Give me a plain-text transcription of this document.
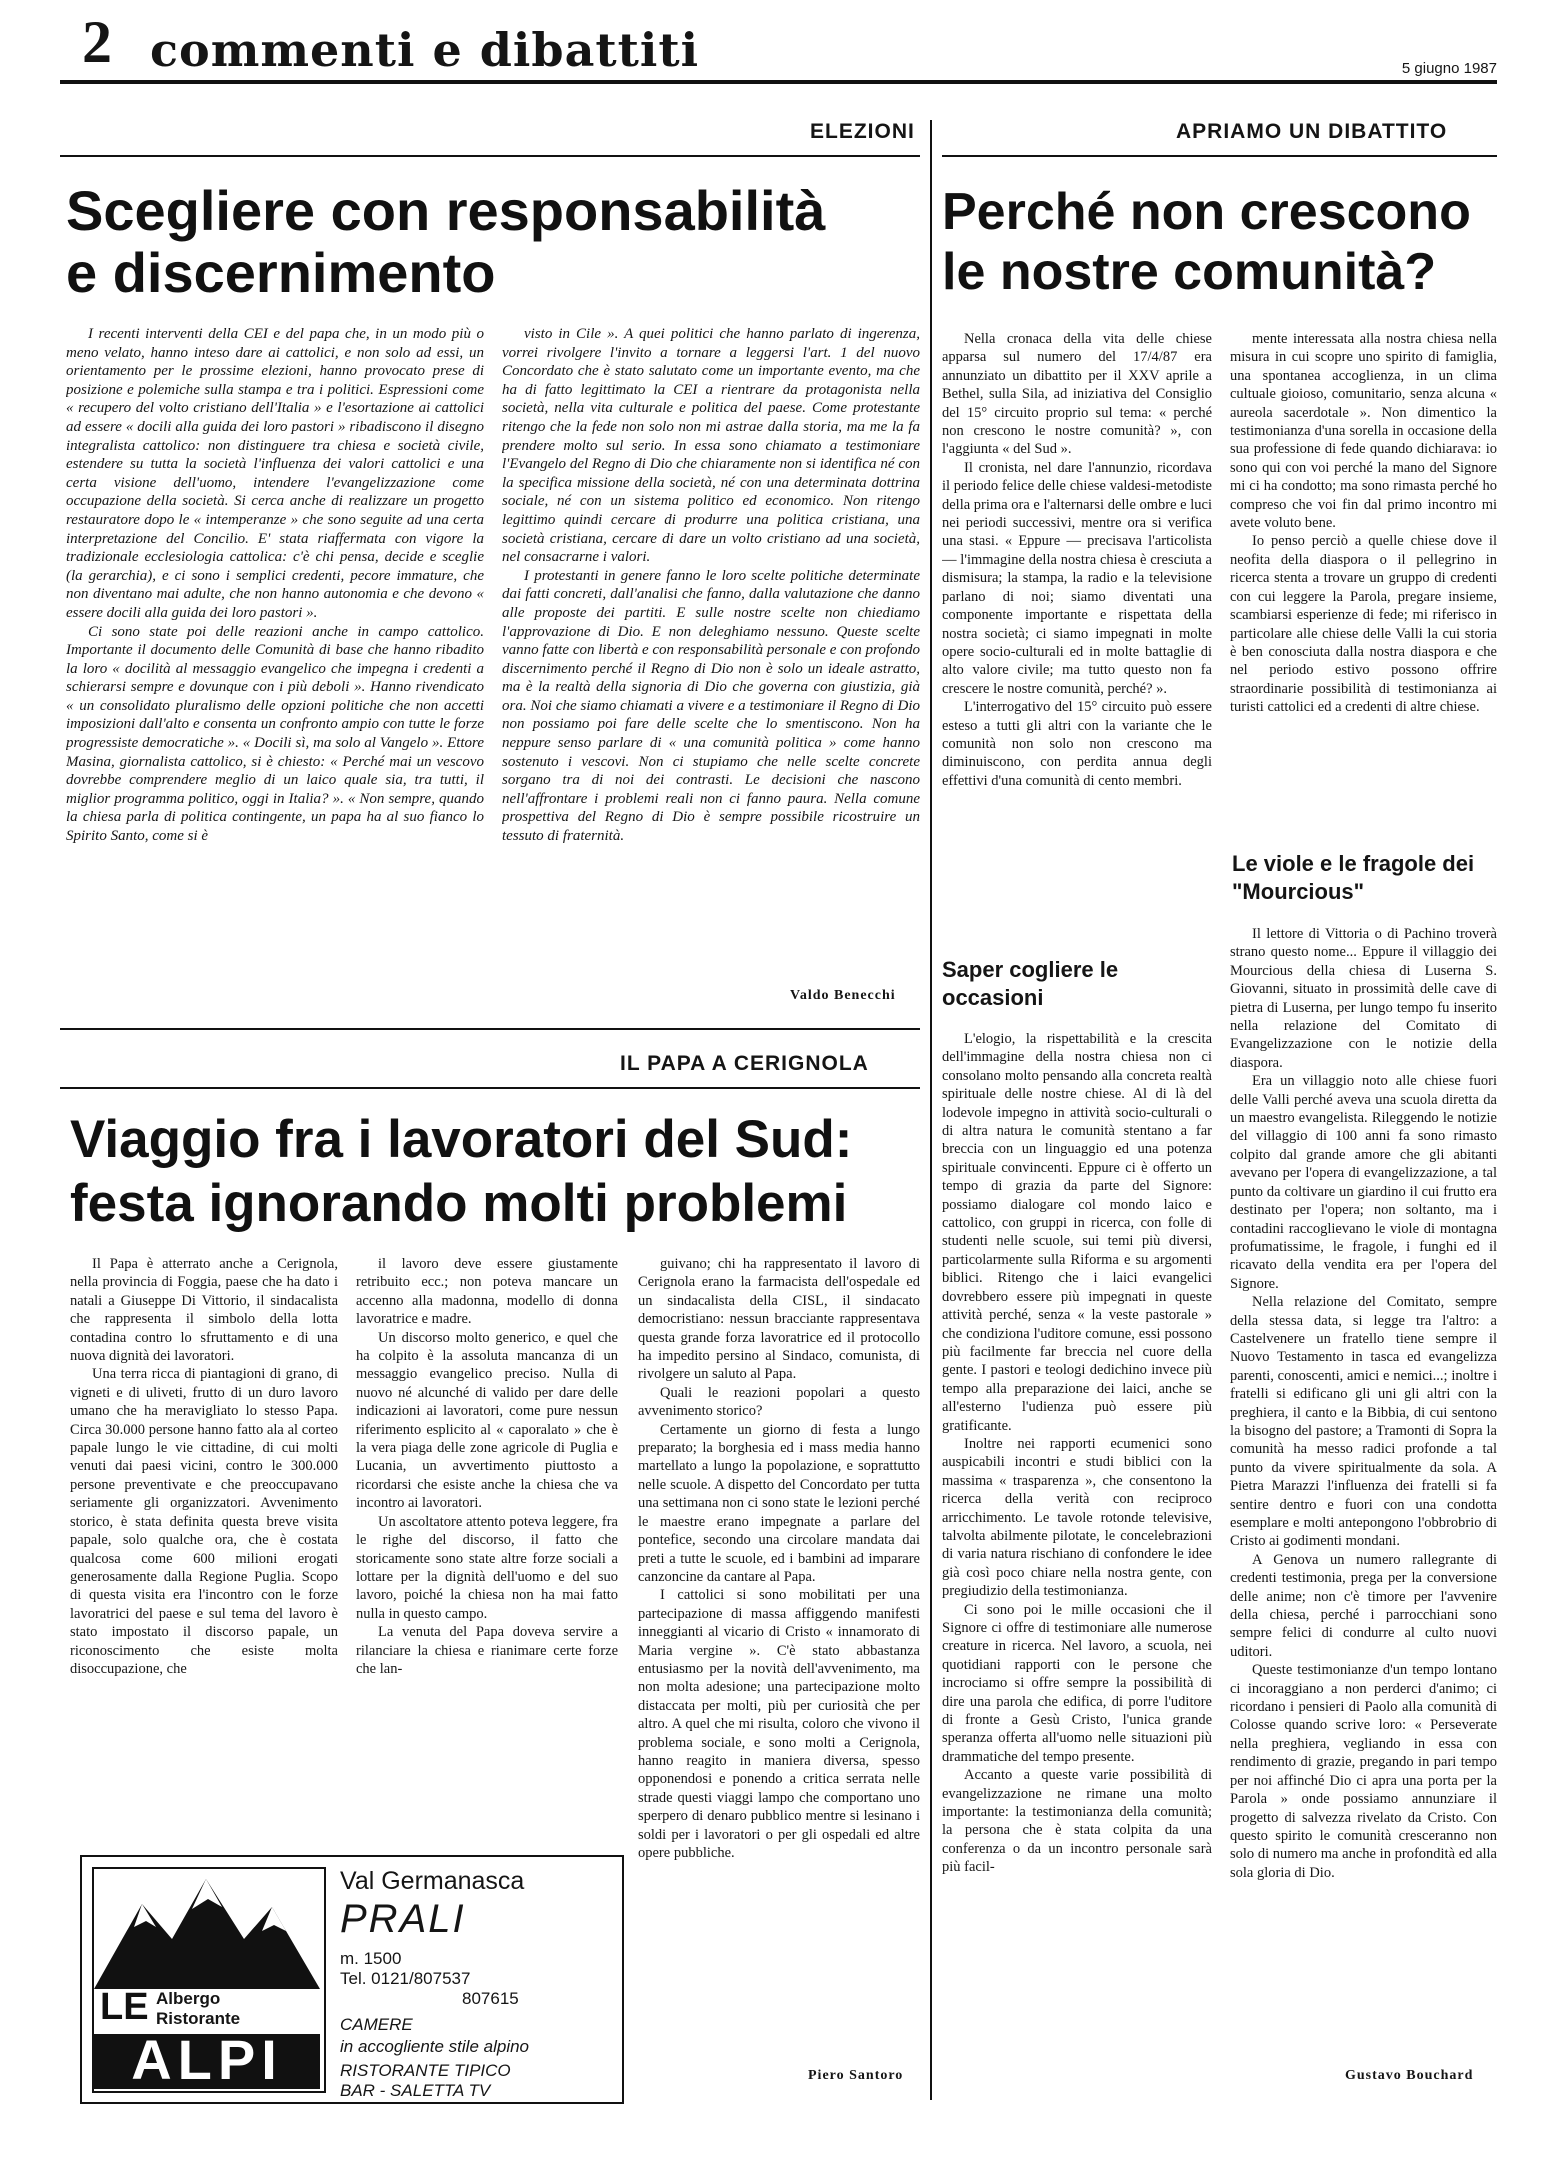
2 commenti e dibattiti	5 giugno 1987
ELEZIONI
Scegliere con responsabilità
e discernimento

I recenti interventi della CEI e del papa che, in un modo più o meno velato, hanno inteso dare ai cattolici, e non solo ad essi, un orientamento per le prossime elezioni, hanno provocato prese di posizione e polemiche sulla stampa e tra i politici. Espressioni come « recupero del volto cristiano dell'Italia » e l'esortazione ai cattolici ad essere « docili alla guida dei loro pastori » ribadiscono il disegno integralista cattolico: non distinguere tra chiesa e società civile, estendere su tutta la società l'influenza dei valori cattolici e una certa visione dell'uomo, intendere l'evangelizzazione come occupazione della società. Si cerca anche di realizzare un progetto restauratore dopo le « intemperanze » che sono seguite ad una certa interpretazione del Concilio. E' stata riaffermata con vigore la tradizionale ecclesiologia cattolica: c'è chi pensa, decide e sceglie (la gerarchia), e ci sono i semplici credenti, pecore immature, che non diventano mai adulte, che non hanno autonomia e che devono « essere docili alla guida dei loro pastori ».

Ci sono state poi delle reazioni anche in campo cattolico. Importante il documento delle Comunità di base che hanno ribadito la loro « docilità al messaggio evangelico che impegna i credenti a schierarsi sempre e dovunque con i più deboli ». Hanno rivendicato « un consolidato pluralismo delle opzioni politiche che non accetti imposizioni dall'alto e consenta un confronto ampio con tutte le forze progressiste democratiche ». « Docili sì, ma solo al Vangelo ». Ettore Masina, giornalista cattolico, si è chiesto: « Perché mai un vescovo dovrebbe comprendere meglio di un laico quale sia, tra tutti, il miglior programma politico, oggi in Italia? ». « Non sempre, quando la chiesa parla di politica contingente, un papa ha al suo fianco lo Spirito Santo, come si è

visto in Cile ». A quei politici che hanno parlato di ingerenza, vorrei rivolgere l'invito a tornare a leggersi l'art. 1 del nuovo Concordato che è stato salutato come un importante evento, ma che ha di fatto legittimato la CEI a rientrare da protagonista nella società, nella vita culturale e politica del paese. Come protestante ritengo che la fede non solo non mi astrae dalla storia, ma me la fa prendere molto sul serio. In essa sono chiamato a testimoniare l'Evangelo del Regno di Dio che chiaramente non si identifica né con la specifica missione della società, né con una determinata dottrina sociale, né con un sistema politico ed economico. Non ritengo legittimo quindi cercare di produrre una politica cristiana, una società cristiana, cercare di dare un volto cristiano ad una società, nel consacrarne i valori.

I protestanti in genere fanno le loro scelte politiche determinate dai fatti concreti, dall'analisi che fanno, dalla valutazione che danno alle proposte dei partiti. E sulle nostre scelte non chiediamo l'approvazione di Dio. E non deleghiamo nessuno. Queste scelte vanno fatte con libertà e con responsabilità personale e con profondo discernimento perché il Regno di Dio non è solo un ideale astratto, ma è la realtà della signoria di Dio che governa con giustizia, già ora. Noi che siamo chiamati a vivere e a testimoniare il Regno di Dio non possiamo poi fare delle scelte che lo smentiscono. Non ha neppure senso parlare di « una comunità politica » come hanno sostenuto i vescovi. Non ci stupiamo che nelle scelte concrete sorgano tra di noi dei contrasti. Le decisioni che nascono nell'affrontare i problemi reali non ci fanno paura. Nella comune prospettiva del Regno di Dio è sempre possibile ricostruire un tessuto di fraternità.

Valdo Benecchi
APRIAMO UN DIBATTITO
Perché non crescono
le nostre comunità?

Nella cronaca della vita delle chiese apparsa sul numero del 17/4/87 era annunziato un dibattito per il XXV aprile a Bethel, sulla Sila, ad iniziativa del Consiglio del 15° circuito proprio sul tema: « perché non crescono le nostre comunità? », con l'aggiunta « del Sud ».

Il cronista, nel dare l'annunzio, ricordava il periodo felice delle chiese valdesi-metodiste della prima ora e l'alternarsi delle ombre e luci nei periodi successivi, mentre ora si verifica una stasi. « Eppure — precisava l'articolista — l'immagine della nostra chiesa è cresciuta a dismisura; la stampa, la radio e la televisione parlano di noi; siamo diventati una componente importante e rispettata della nostra società; ci siamo impegnati in molte opere socio-culturali ed in molte battaglie di alto valore civile; ma tutto questo non fa crescere le nostre comunità, perché? ».

L'interrogativo del 15° circuito può essere esteso a tutti gli altri con la variante che le comunità non solo non crescono ma diminuiscono, con perdita annua degli effettivi d'una comunità di cento membri.

Saper cogliere le occasioni

L'elogio, la rispettabilità e la crescita dell'immagine della nostra chiesa non ci consolano molto pensando alla concreta realtà spirituale delle nostre chiese. Al di là del lodevole impegno in attività socio-culturali o di altra natura le comunità stentano a far breccia con un linguaggio ed una potenza spirituale convincenti. Eppure ci è offerto un tempo di grazia da parte del Signore: possiamo dialogare col mondo laico e cattolico, con gruppi in ricerca, con folle di studenti nelle scuole, sui temi più diversi, particolarmente sulla Riforma e su argomenti biblici. Ritengo che i laici evangelici dovrebbero essere più impegnati in queste attività perché, senza « la veste pastorale » che condiziona l'uditore comune, essi possono più facilmente far breccia nel cuore della gente. I pastori e teologi dedichino invece più tempo alla preparazione dei laici, anche se all'esterno l'udienza può essere più gratificante.

Inoltre nei rapporti ecumenici sono auspicabili incontri e studi biblici con la massima « trasparenza », che consentono la ricerca della verità con reciproco arricchimento. Le tavole rotonde televisive, talvolta abilmente pilotate, le concelebrazioni di varia natura rischiano di confondere le idee già così poco chiare nella nostra gente, con pregiudizio della testimonianza.

Ci sono poi le mille occasioni che il Signore ci offre di testimoniare alle numerose creature in ricerca. Nel lavoro, a scuola, nei quotidiani rapporti con le persone che incrociamo si offre sempre la possibilità di dire una parola che edifica, di porre l'uditore di fronte a Gesù Cristo, l'unica grande speranza offerta all'uomo nelle situazioni più drammatiche del tempo presente.

Accanto a queste varie possibilità di evangelizzazione ne rimane una molto importante: la testimonianza della comunità; la persona che è stata colpita da una conferenza o da un incontro personale sarà più facil-

mente interessata alla nostra chiesa nella misura in cui scopre uno spirito di famiglia, una spontanea accoglienza, in un clima cultuale gioioso, comunitario, senza alcuna « aureola sacerdotale ». Non dimentico la testimonianza d'una sorella in occasione della sua professione di fede quando dichiarava: io sono qui con voi perché la mano del Signore mi ci ha condotto; ma sono rimasta perché ho compreso che voi fin dal primo incontro mi avete voluto bene.

Io penso perciò a quelle chiese dove il neofita della diaspora o il pellegrino in ricerca stenta a trovare un gruppo di credenti con cui leggere la Parola, pregare insieme, scambiarsi esperienze di fede; mi riferisco in particolare alle chiese delle Valli la cui storia è ben conosciuta dalla nostra diaspora e che nel periodo estivo possono offrire straordinarie possibilità di testimonianza ai turisti cattolici ed a credenti di altre chiese.

Le viole e le fragole dei "Mourcious"

Il lettore di Vittoria o di Pachino troverà strano questo nome... Eppure il villaggio dei Mourcious della chiesa di Luserna S. Giovanni, situato in prossimità delle cave di pietra di Luserna, per lungo tempo fu inserito nella relazione del Comitato di Evangelizzazione con le notizie della diaspora.

Era un villaggio noto alle chiese fuori delle Valli perché aveva una scuola diretta da un maestro evangelista. Rileggendo le notizie del villaggio di 100 anni fa sono rimasto colpito dal grande amore che gli abitanti avevano per l'opera di evangelizzazione, a tal punto da coltivare un giardino il cui frutto era destinato per l'opera; non soltanto, ma i contadini raccoglievano le viole di montagna profumatissime, le fragole, i funghi ed il ricavato della vendita era per l'opera del Signore.

Nella relazione del Comitato, sempre della stessa data, si legge tra l'altro: a Castelvenere un fratello tiene sempre il Nuovo Testamento in tasca ed evangelizza parenti, conoscenti, amici e nemici...; inoltre i fratelli si edificano gli uni gli altri con la preghiera, il canto e la Bibbia, di cui sentono la bisogno del pastore; a Tramonti di Sopra la comunità ha messo radici profonde a tal punto da vivere spiritualmente da sola. A Pietra Marazzi l'influenza dei fratelli si fa sentire dentro e fuori con una condotta esemplare e molti antepongono l'obbrobrio di Cristo ai godimenti mondani.

A Genova un numero rallegrante di credenti testimonia, prega per la conversione delle anime; non c'è timore per l'avvenire della chiesa, perché i parrocchiani sono sempre felici di condurre al culto nuovi uditori.

Queste testimonianze d'un tempo lontano ci incoraggiano a non perderci d'animo; ci ricordano i pensieri di Paolo alla comunità di Colosse quando scrive loro: « Perseverate nella preghiera, vegliando in essa con rendimento di grazie, pregando in pari tempo per noi affinché Dio ci apra una porta per la Parola » onde possiamo annunziare il progetto di salvezza rivelato da Cristo. Con questo spirito le comunità cresceranno non solo di numero ma anche in profondità ed alla sola gloria di Dio.

Gustavo Bouchard
IL PAPA A CERIGNOLA
Viaggio fra i lavoratori del Sud:
festa ignorando molti problemi

Il Papa è atterrato anche a Cerignola, nella provincia di Foggia, paese che ha dato i natali a Giuseppe Di Vittorio, il sindacalista che rappresenta il simbolo della lotta contadina contro lo sfruttamento e di una nuova dignità dei lavoratori.

Una terra ricca di piantagioni di grano, di vigneti e di uliveti, frutto di un duro lavoro umano che ha meravigliato lo stesso Papa. Circa 30.000 persone hanno fatto ala al corteo papale lungo le vie cittadine, di cui molti venuti dai paesi vicini, contro le 300.000 persone preventivate e che preoccupavano seriamente gli organizzatori. Avvenimento storico, è stata definita questa breve visita papale, solo qualche ora, che è costata qualcosa come 600 milioni erogati generosamente dalla Regione Puglia. Scopo di questa visita era l'incontro con le forze lavoratrici del paese e sul tema del lavoro è stato impostato il discorso papale, un riconoscimento che esiste molta disoccupazione, che

il lavoro deve essere giustamente retribuito ecc.; non poteva mancare un accenno alla madonna, modello di donna lavoratrice e madre.

Un discorso molto generico, e quel che ha colpito è la assoluta mancanza di un messaggio evangelico preciso. Nulla di nuovo né alcunché di valido per dare delle indicazioni ai lavoratori, come pure nessun riferimento esplicito al « caporalato » che è la vera piaga delle zone agricole di Puglia e Lucania, un avvertimento piuttosto a ricordarsi che esiste anche la chiesa che va incontro ai lavoratori.

Un ascoltatore attento poteva leggere, fra le righe del discorso, il fatto che storicamente sono state altre forze sociali a lottare per la dignità dell'uomo e del suo lavoro, poiché la chiesa non ha mai fatto nulla in questo campo.

La venuta del Papa doveva servire a rilanciare la chiesa e rianimare certe forze che lan-

guivano; chi ha rappresentato il lavoro di Cerignola erano la farmacista dell'ospedale ed un sindacalista della CISL, il sindacato democristiano: nessun bracciante rappresentava questa grande forza lavoratrice ed il protocollo ha impedito persino al Sindaco, comunista, di rivolgere un saluto al Papa.

Quali le reazioni popolari a questo avvenimento storico?

Certamente un giorno di festa a lungo preparato; la borghesia ed i mass media hanno martellato a lungo la popolazione, e soprattutto nelle scuole. A dispetto del Concordato per tutta una settimana non ci sono state le lezioni perché le maestre erano impegnate a parlare del pontefice, secondo una circolare mandata dai preti a tutte le scuole, ed i bambini ad imparare canzoncine da cantare al Papa.

I cattolici si sono mobilitati per una partecipazione di massa affiggendo manifesti inneggianti al vicario di Cristo « innamorato di Maria vergine ». C'è stato abbastanza entusiasmo per la novità dell'avvenimento, ma non molta adesione; una partecipazione molto distaccata per molti, più per curiosità che per altro. A quel che mi risulta, coloro che vivono il problema sociale, e sono molti a Cerignola, hanno reagito in maniera diversa, spesso opponendosi e ponendo a critica serrata nelle strade questi viaggi lampo che comportano uno sperpero di denaro pubblico mentre si lesinano i soldi per i lavoratori o per gli ospedali ed altre opere pubbliche.

Piero Santoro
LE Albergo
Ristorante
ALPI
Val Germanasca
PRALI
m. 1500
Tel. 0121/807537
807615
CAMERE
in accogliente stile alpino
RISTORANTE TIPICO
BAR - SALETTA TV
